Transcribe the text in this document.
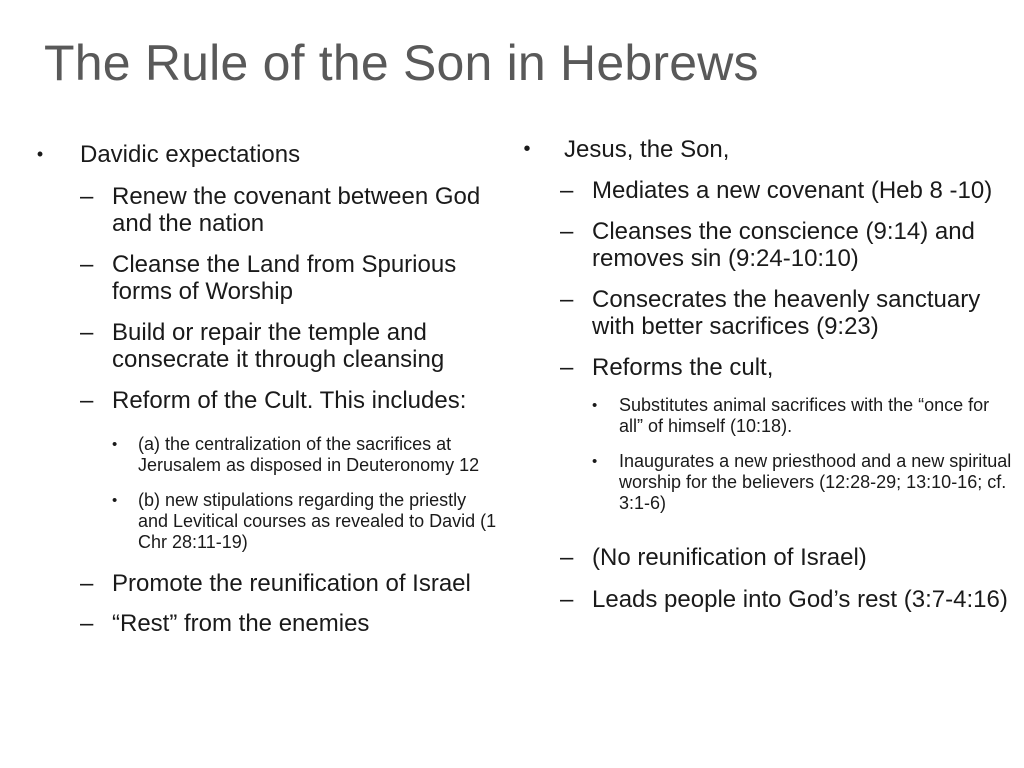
The Rule of the Son in Hebrews
• Davidic expectations
– Renew the covenant between God and the nation
– Cleanse the Land from Spurious forms of Worship
– Build or repair the temple and consecrate it through cleansing
– Reform of the Cult. This includes:
• (a) the centralization of the sacrifices at Jerusalem as disposed in Deuteronomy 12
• (b) new stipulations regarding the priestly and Levitical courses as revealed to David (1 Chr 28:11-19)
– Promote the reunification of Israel
– “Rest” from the enemies
•	Jesus, the Son,
– Mediates a new covenant (Heb 8 -10)
– Cleanses the conscience (9:14) and removes sin (9:24-10:10)
– Consecrates the heavenly sanctuary with better sacrifices (9:23)
– Reforms the cult,
• Substitutes animal sacrifices with the “once for all” of himself (10:18).
• Inaugurates a new priesthood and a new spiritual worship for the believers (12:28-29; 13:10-16; cf. 3:1-6)
– (No reunification of Israel)
– Leads people into God’s rest (3:7-4:16)
